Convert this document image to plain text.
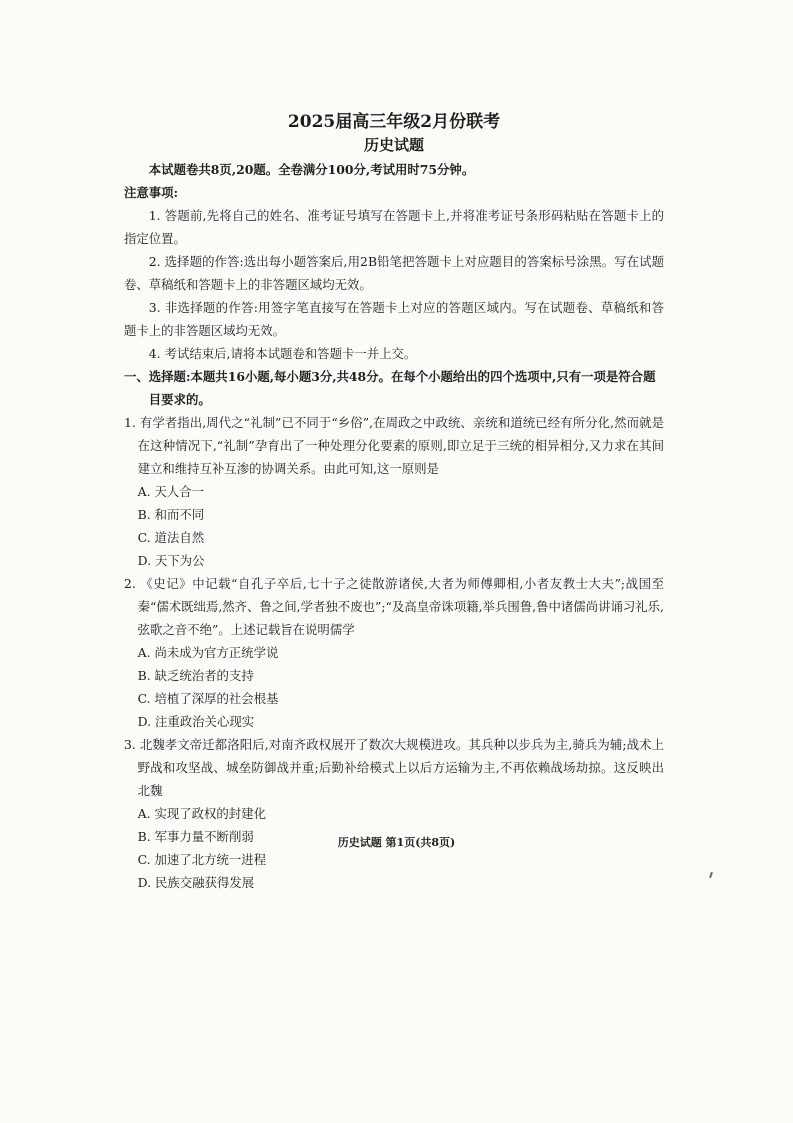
2025届高三年级2月份联考

历史试题

本试题卷共8页,20题。全卷满分100分,考试用时75分钟。

注意事项:

1. 答题前,先将自己的姓名、准考证号填写在答题卡上,并将准考证号条形码粘贴在答题卡上的指定位置。

2. 选择题的作答:选出每小题答案后,用2B铅笔把答题卡上对应题目的答案标号涂黑。写在试题卷、草稿纸和答题卡上的非答题区域均无效。

3. 非选择题的作答:用签字笔直接写在答题卡上对应的答题区域内。写在试题卷、草稿纸和答题卡上的非答题区域均无效。

4. 考试结束后,请将本试题卷和答题卡一并上交。

一、选择题:本题共16小题,每小题3分,共48分。在每个小题给出的四个选项中,只有一项是符合题目要求的。

1. 有学者指出,周代之“礼制”已不同于“乡俗”,在周政之中政统、亲统和道统已经有所分化,然而就是在这种情况下,“礼制”孕育出了一种处理分化要素的原则,即立足于三统的相异相分,又力求在其间建立和维持互补互渗的协调关系。由此可知,这一原则是

A. 天人合一

B. 和而不同

C. 道法自然

D. 天下为公

2. 《史记》中记载“自孔子卒后,七十子之徒散游诸侯,大者为师傅卿相,小者友教士大夫”;战国至秦“儒术既绌焉,然齐、鲁之间,学者独不废也”;“及高皇帝诛项籍,举兵围鲁,鲁中诸儒尚讲诵习礼乐,弦歌之音不绝”。上述记载旨在说明儒学

A. 尚未成为官方正统学说

B. 缺乏统治者的支持

C. 培植了深厚的社会根基

D. 注重政治关心现实

3. 北魏孝文帝迁都洛阳后,对南齐政权展开了数次大规模进攻。其兵种以步兵为主,骑兵为辅;战术上野战和攻坚战、城垒防御战并重;后勤补给模式上以后方运输为主,不再依赖战场劫掠。这反映出北魏

A. 实现了政权的封建化

B. 军事力量不断削弱

C. 加速了北方统一进程

D. 民族交融获得发展

历史试题 第1页(共8页)
